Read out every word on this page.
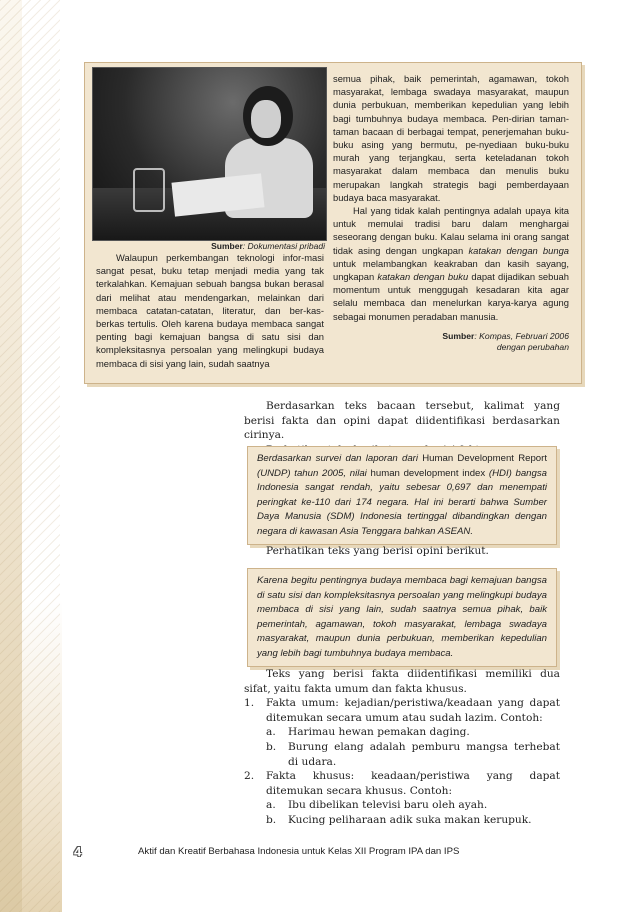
Sumber: Dokumentasi pribadi

Walaupun perkembangan teknologi infor-masi sangat pesat, buku tetap menjadi media yang tak terkalahkan. Kemajuan sebuah bangsa bukan berasal dari melihat atau mendengarkan, melainkan dari membaca catatan-catatan, literatur, dan ber-kas-berkas tertulis. Oleh karena budaya membaca sangat penting bagi kemajuan bangsa di satu sisi dan kompleksitasnya persoalan yang melingkupi budaya membaca di sisi yang lain, sudah saatnya

semua pihak, baik pemerintah, agamawan, tokoh masyarakat, lembaga swadaya masyarakat, maupun dunia perbukuan, memberikan kepedulian yang lebih bagi tumbuhnya budaya membaca. Pen-dirian taman-taman bacaan di berbagai tempat, penerjemahan buku-buku asing yang bermutu, pe-nyediaan buku-buku murah yang terjangkau, serta keteladanan tokoh masyarakat dalam membaca dan menulis buku merupakan langkah strategis bagi pemberdayaan budaya baca masyarakat.

Hal yang tidak kalah pentingnya adalah upaya kita untuk memulai tradisi baru dalam menghargai seseorang dengan buku. Kalau selama ini orang sangat tidak asing dengan ungkapan katakan dengan bunga untuk melambangkan keakraban dan kasih sayang, ungkapan katakan dengan buku dapat dijadikan sebuah momentum untuk menggugah kesadaran kita agar selalu membaca dan menelurkan karya-karya agung sebagai monumen peradaban manusia.

Sumber: Kompas, Februari 2006
dengan perubahan

Berdasarkan teks bacaan tersebut, kalimat yang berisi fakta dan opini dapat diidentifikasi berdasarkan cirinya.

Berdasarkan survei dan laporan dari Human Development Report (UNDP) tahun 2005, nilai human development index (HDI) bangsa Indonesia sangat rendah, yaitu sebesar 0,697 dan menempati peringkat ke-110 dari 174 negara. Hal ini berarti bahwa Sumber Daya Manusia (SDM) Indonesia tertinggal dibandingkan dengan negara di kawasan Asia Tenggara bahkan ASEAN.

Perhatikan teks yang berisi opini berikut.

Karena begitu pentingnya budaya membaca bagi kemajuan bangsa di satu sisi dan kompleksitasnya persoalan yang melingkupi budaya membaca di sisi yang lain, sudah saatnya semua pihak, baik pemerintah, agamawan, tokoh masyarakat, lembaga swadaya masyarakat, maupun dunia perbukuan, memberikan kepedulian yang lebih bagi tumbuhnya budaya membaca.

Teks yang berisi fakta diidentifikasi memiliki dua sifat, yaitu fakta umum dan fakta khusus.

1. Fakta umum: kejadian/peristiwa/keadaan yang dapat ditemukan secara umum atau sudah lazim. Contoh:
a. Harimau hewan pemakan daging.
b. Burung elang adalah pemburu mangsa terhebat di udara.
2. Fakta khusus: keadaan/peristiwa yang dapat ditemukan secara khusus. Contoh:
a. Ibu dibelikan televisi baru oleh ayah.
b. Kucing peliharaan adik suka makan kerupuk.
4	Aktif dan Kreatif Berbahasa Indonesia untuk Kelas XII Program IPA dan IPS
